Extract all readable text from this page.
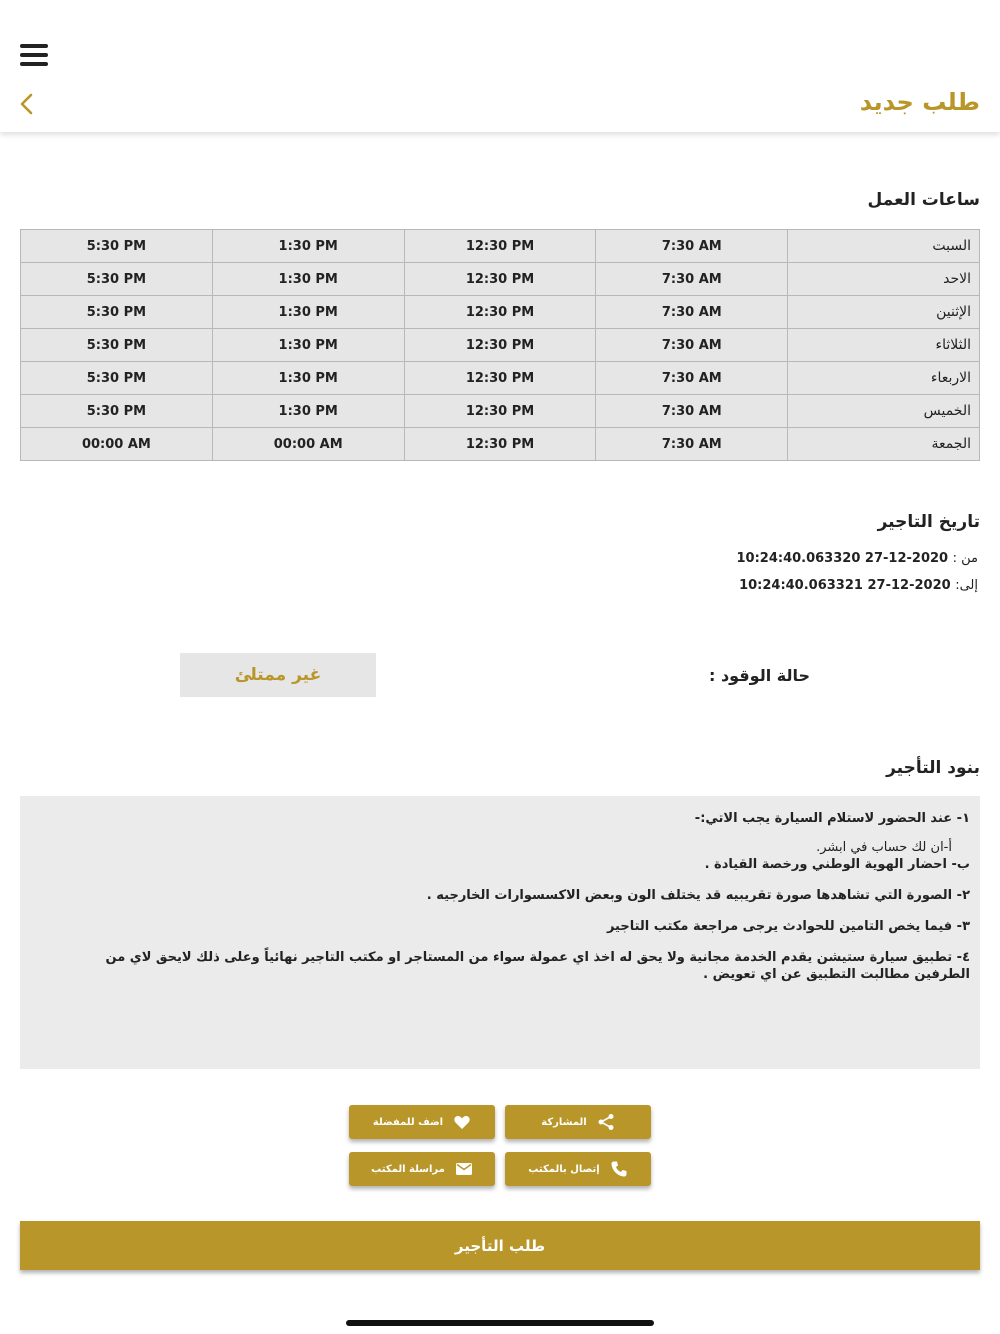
طلب جديد
ساعات العمل
السبت	7:30 AM	12:30 PM	1:30 PM	5:30 PM
الاحد	7:30 AM	12:30 PM	1:30 PM	5:30 PM
الإثنين	7:30 AM	12:30 PM	1:30 PM	5:30 PM
الثلاثاء	7:30 AM	12:30 PM	1:30 PM	5:30 PM
الاربعاء	7:30 AM	12:30 PM	1:30 PM	5:30 PM
الخميس	7:30 AM	12:30 PM	1:30 PM	5:30 PM
الجمعة	7:30 AM	12:30 PM	00:00 AM	00:00 AM
تاريخ التاجير
من : 2020-12-27 10:24:40.063320
إلى: 2020-12-27 10:24:40.063321
حالة الوقود :
غير ممتلئ
بنود التأجير

١- عند الحضور لاستلام السيارة يجب الاتي:-

أ-ان لك حساب في ابشر.

ب- احضار الهوية الوطني ورخصة القيادة .

٢- الصورة التي تشاهدها صورة تقريبيه قد يختلف الون وبعض الاكسسوارات الخارجيه .

٣- فيما يخص التامين للحوادث يرجى مراجعة مكتب التاجير

٤- تطبيق سيارة ستيشن يقدم الخدمة مجانية ولا يحق له اخذ اي عمولة سواء من المستاجر او مكتب التاجير نهائياً وعلى ذلك لايحق لاي من الطرفين مطالبت التطبيق عن اي تعويض .

المشاركة
اضف للمفضلة
إتصال بالمكتب
مراسلة المكتب
طلب التأجير
